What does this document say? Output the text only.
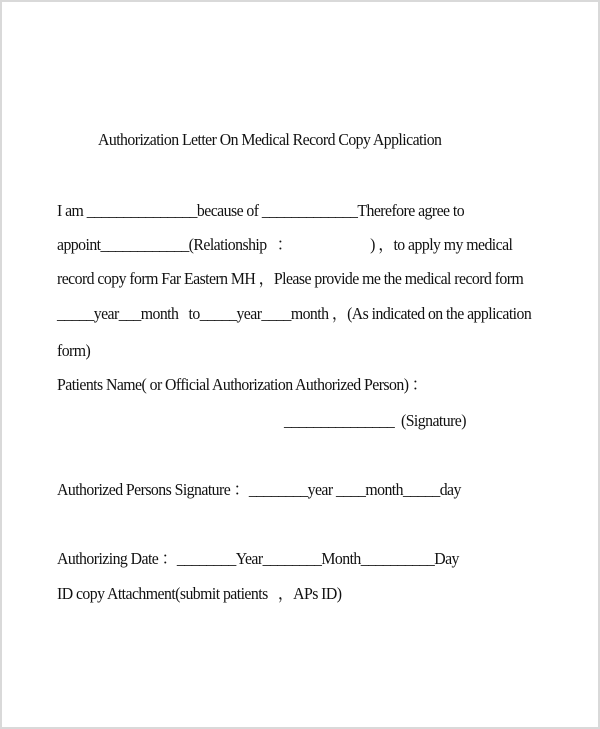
Authorization Letter On Medical Record Copy Application
I am _______________because of _____________Therefore agree to
appoint____________(Relationship   ：                       ) ，to apply my medical
record copy form Far Eastern MH ，Please provide me the medical record form
_____year___month   to_____year____month ，(As indicated on the application
form)
Patients Name( or Official Authorization Authorized Person) ：
_______________  (Signature)
Authorized Persons Signature ：________year ____month_____day
Authorizing Date ：________Year________Month__________Day
ID copy Attachment(submit patients   ，APs ID)
